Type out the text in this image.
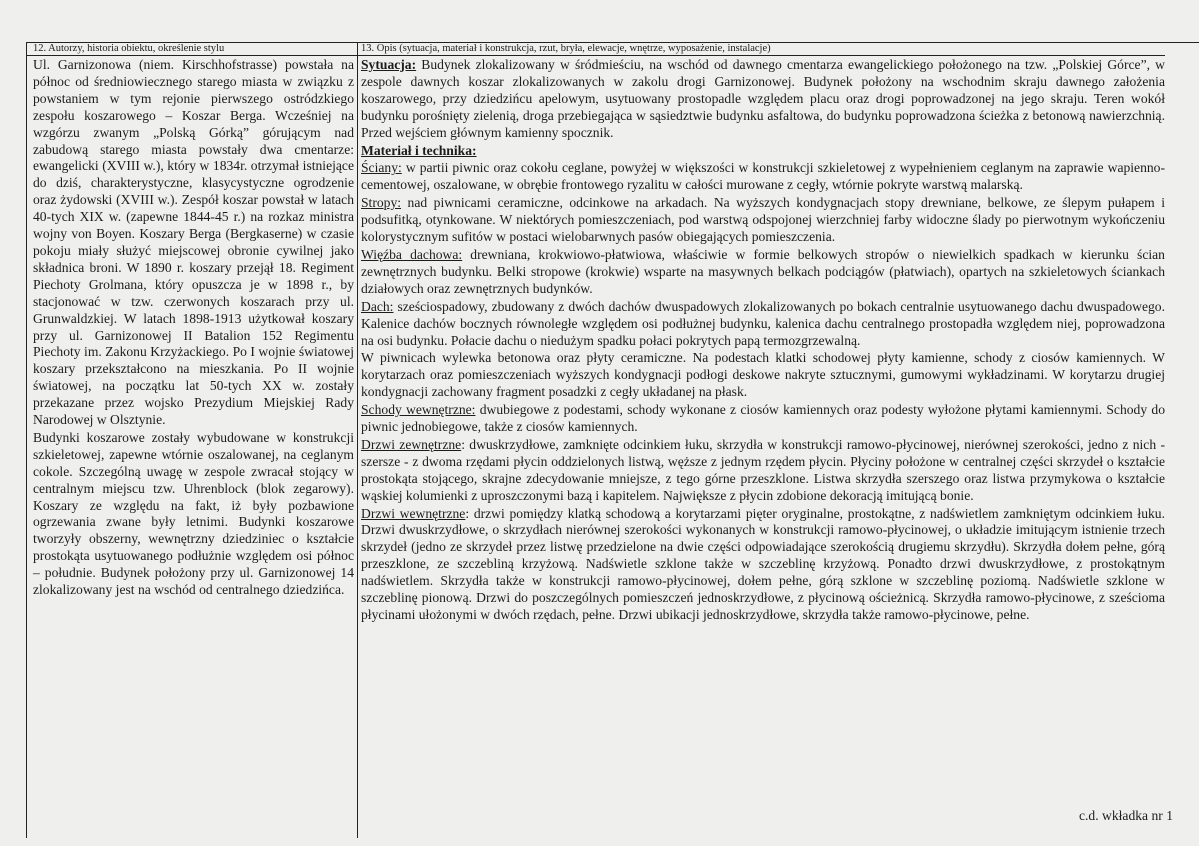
12. Autorzy, historia obiektu, określenie stylu

Ul. Garnizonowa (niem. Kirschhofstrasse) powstała na północ od średniowiecznego starego miasta w związku z powstaniem w tym rejonie pierwszego ostródzkiego zespołu koszarowego – Koszar Berga. Wcześniej na wzgórzu zwanym „Polską Górką” górującym nad zabudową starego miasta powstały dwa cmentarze: ewangelicki (XVIII w.), który w 1834r. otrzymał istniejące do dziś, charakterystyczne, klasycystyczne ogrodzenie oraz żydowski (XVIII w.). Zespół koszar powstał w latach 40-tych XIX w. (zapewne 1844-45 r.) na rozkaz ministra wojny von Boyen. Koszary Berga (Bergkaserne) w czasie pokoju miały służyć miejscowej obronie cywilnej jako składnica broni. W 1890 r. koszary przejął 18. Regiment Piechoty Grolmana, który opuszcza je w 1898 r., by stacjonować w tzw. czerwonych koszarach przy ul. Grunwaldzkiej. W latach 1898-1913 użytkował koszary przy ul. Garnizonowej II Batalion 152 Regimentu Piechoty im. Zakonu Krzyżackiego. Po I wojnie światowej koszary przekształcono na mieszkania. Po II wojnie światowej, na początku lat 50-tych XX w. zostały przekazane przez wojsko Prezydium Miejskiej Rady Narodowej w Olsztynie.

Budynki koszarowe zostały wybudowane w konstrukcji szkieletowej, zapewne wtórnie oszalowanej, na ceglanym cokole. Szczególną uwagę w zespole zwracał stojący w centralnym miejscu tzw. Uhrenblock (blok zegarowy). Koszary ze względu na fakt, iż były pozbawione ogrzewania zwane były letnimi. Budynki koszarowe tworzyły obszerny, wewnętrzny dziedziniec o kształcie prostokąta usytuowanego podłużnie względem osi północ – południe. Budynek położony przy ul. Garnizonowej 14 zlokalizowany jest na wschód od centralnego dziedzińca.

13. Opis (sytuacja, materiał i konstrukcja, rzut, bryła, elewacje, wnętrze, wyposażenie, instalacje)

Sytuacja: Budynek zlokalizowany w śródmieściu, na wschód od dawnego cmentarza ewangelickiego położonego na tzw. „Polskiej Górce”, w zespole dawnych koszar zlokalizowanych w zakolu drogi Garnizonowej. Budynek położony na wschodnim skraju dawnego założenia koszarowego, przy dziedzińcu apelowym, usytuowany prostopadle względem placu oraz drogi poprowadzonej na jego skraju. Teren wokół budynku porośnięty zielenią, droga przebiegająca w sąsiedztwie budynku asfaltowa, do budynku poprowadzona ścieżka z betonową nawierzchnią. Przed wejściem głównym kamienny spocznik.

Materiał i technika:

Ściany: w partii piwnic oraz cokołu ceglane, powyżej w większości w konstrukcji szkieletowej z wypełnieniem ceglanym na zaprawie wapienno-cementowej, oszalowane, w obrębie frontowego ryzalitu w całości murowane z cegły, wtórnie pokryte warstwą malarską.

Stropy: nad piwnicami ceramiczne, odcinkowe na arkadach. Na wyższych kondygnacjach stopy drewniane, belkowe, ze ślepym pułapem i podsufitką, otynkowane. W niektórych pomieszczeniach, pod warstwą odspojonej wierzchniej farby widoczne ślady po pierwotnym wykończeniu kolorystycznym sufitów w postaci wielobarwnych pasów obiegających pomieszczenia.

Więźba dachowa: drewniana, krokwiowo-płatwiowa, właściwie w formie belkowych stropów o niewielkich spadkach w kierunku ścian zewnętrznych budynku. Belki stropowe (krokwie) wsparte na masywnych belkach podciągów (płatwiach), opartych na szkieletowych ściankach działowych oraz zewnętrznych budynków.

Dach: sześciospadowy, zbudowany z dwóch dachów dwuspadowych zlokalizowanych po bokach centralnie usytuowanego dachu dwuspadowego. Kalenice dachów bocznych równoległe względem osi podłużnej budynku, kalenica dachu centralnego prostopadła względem niej, poprowadzona na osi budynku. Połacie dachu o niedużym spadku połaci pokrytych papą termozgrzewalną.

W piwnicach wylewka betonowa oraz płyty ceramiczne. Na podestach klatki schodowej płyty kamienne, schody z ciosów kamiennych. W korytarzach oraz pomieszczeniach wyższych kondygnacji podłogi deskowe nakryte sztucznymi, gumowymi wykładzinami. W korytarzu drugiej kondygnacji zachowany fragment posadzki z cegły układanej na płask.

Schody wewnętrzne: dwubiegowe z podestami, schody wykonane z ciosów kamiennych oraz podesty wyłożone płytami kamiennymi. Schody do piwnic jednobiegowe, także z ciosów kamiennych.

Drzwi zewnętrzne: dwuskrzydłowe, zamknięte odcinkiem łuku, skrzydła w konstrukcji ramowo-płycinowej, nierównej szerokości, jedno z nich - szersze - z dwoma rzędami płycin oddzielonych listwą, węższe z jednym rzędem płycin. Płyciny położone w centralnej części skrzydeł o kształcie prostokąta stojącego, skrajne zdecydowanie mniejsze, z tego górne przeszklone. Listwa skrzydła szerszego oraz listwa przymykowa o kształcie wąskiej kolumienki z uproszczonymi bazą i kapitelem. Największe z płycin zdobione dekoracją imitującą bonie.

Drzwi wewnętrzne: drzwi pomiędzy klatką schodową a korytarzami pięter oryginalne, prostokątne, z nadświetlem zamkniętym odcinkiem łuku. Drzwi dwuskrzydłowe, o skrzydłach nierównej szerokości wykonanych w konstrukcji ramowo-płycinowej, o układzie imitującym istnienie trzech skrzydeł (jedno ze skrzydeł przez listwę przedzielone na dwie części odpowiadające szerokością drugiemu skrzydłu). Skrzydła dołem pełne, górą przeszklone, ze szczebliną krzyżową. Nadświetle szklone także w szczeblinę krzyżową. Ponadto drzwi dwuskrzydłowe, z prostokątnym nadświetlem. Skrzydła także w konstrukcji ramowo-płycinowej, dołem pełne, górą szklone w szczeblinę poziomą. Nadświetle szklone w szczeblinę pionową. Drzwi do poszczególnych pomieszczeń jednoskrzydłowe, z płycinową ościeżnicą. Skrzydła ramowo-płycinowe, z sześcioma płycinami ułożonymi w dwóch rzędach, pełne. Drzwi ubikacji jednoskrzydłowe, skrzydła także ramowo-płycinowe, pełne.

c.d. wkładka nr 1
